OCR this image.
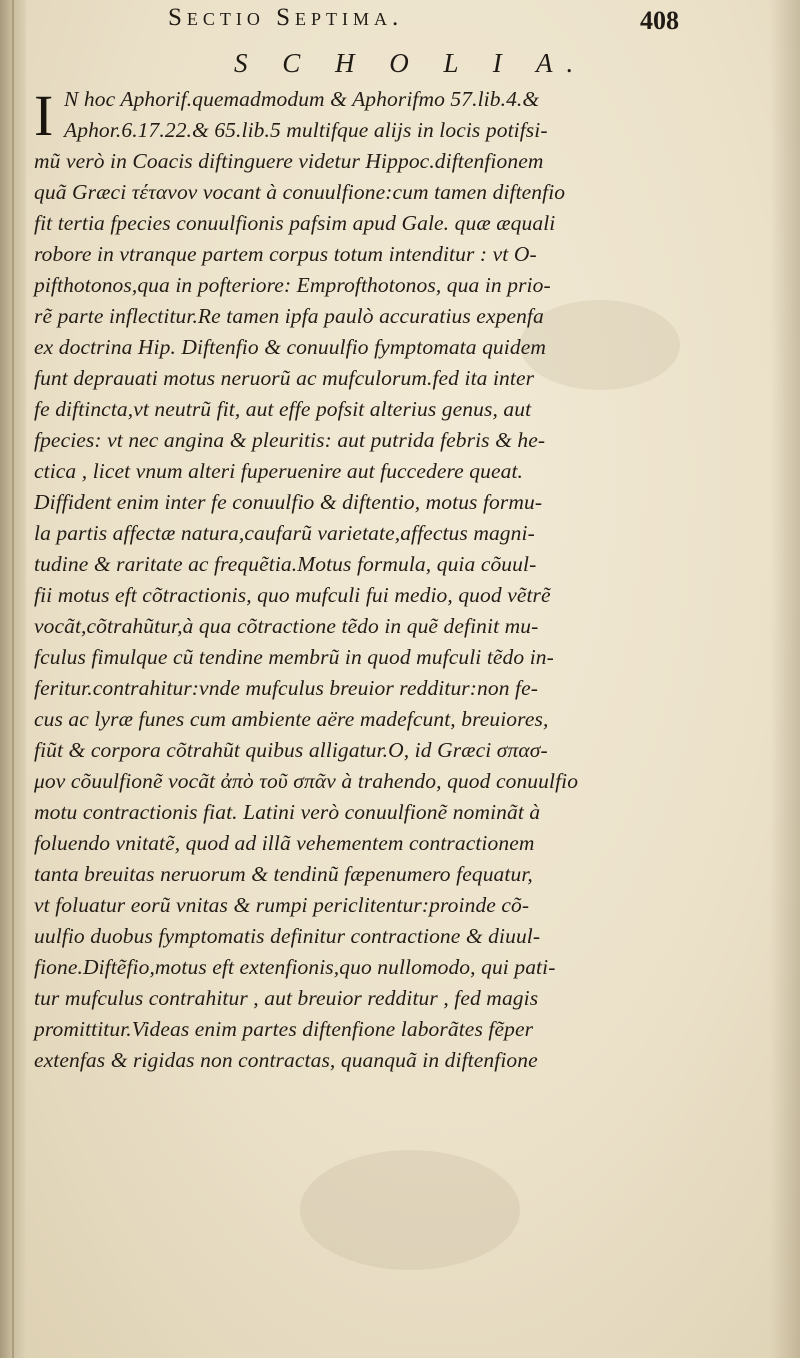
Sectio Septima.	408
S C H O L I A.
I N hoc Aphorif.quemadmodum & Aphorifmo 57.lib.4.&
Aphor.6.17.22.& 65.lib.5 multifque aliјs in locis potifsi-
mũ verò in Coacis diftinguere videtur Hippoc.diftenfionem
quã Græci τέτανον vocant à conuulfione:cum tamen diftenfio
fit tertia fpecies conuulfionis pafsim apud Gale. quæ æquali
robore in vtranque partem corpus totum intenditur : vt O-
pifthotonos,qua in pofteriore: Emprofthotonos, qua in prio-
rẽ parte inflectitur.Re tamen ipfa paulò accuratius expenfa
ex doctrina Hip. Diftenfio & conuulfio fymptomata quidem
funt deprauati motus neruorũ ac mufculorum.fed ita inter
fe diftincta,vt neutrũ fit, aut effe pofsit alterius genus, aut
fpecies: vt nec angina & pleuritis: aut putrida febris & he-
ctica , licet vnum alteri fuperuenire aut fuccedere queat.
Diffident enim inter fe conuulfio & diftentio, motus formu-
la partis affectæ natura,caufarũ varietate,affectus magni-
tudine & raritate ac frequẽtia.Motus formula, quia cõuul-
fii motus eft cõtractionis, quo mufculi fui medio, quod vẽtrẽ
vocãt,cõtrahũtur,à qua cõtractione tẽdo in quẽ definit mu-
fculus fimulque cũ tendine membrũ in quod mufculi tẽdo in-
feritur.contrahitur:vnde mufculus breuior redditur:non fe-
cus ac lyræ funes cum ambiente aëre madefcunt, breuiores,
fiũt & corpora cõtrahũt quibus alligatur.O, id Græci σπασ-
μον cõuulfionẽ vocãt ἀπὸ τοῦ σπᾶν à trahendo, quod conuulfio
motu contractionis fiat. Latini verò conuulfionẽ nominãt à
foluendo vnitatẽ, quod ad illã vehementem contractionem
tanta breuitas neruorum & tendinũ fæpenumero fequatur,
vt foluatur eorũ vnitas & rumpi periclitentur:proinde cõ-
uulfio duobus fymptomatis definitur contractione & diuul-
fione.Diftẽfio,motus eft extenfionis,quo nullomodo, qui pati-
tur mufculus contrahitur , aut breuior redditur , fed magis
promittitur.Videas enim partes diftenfione laborãtes fẽper
extenfas & rigidas non contractas, quanquã in diftenfione
